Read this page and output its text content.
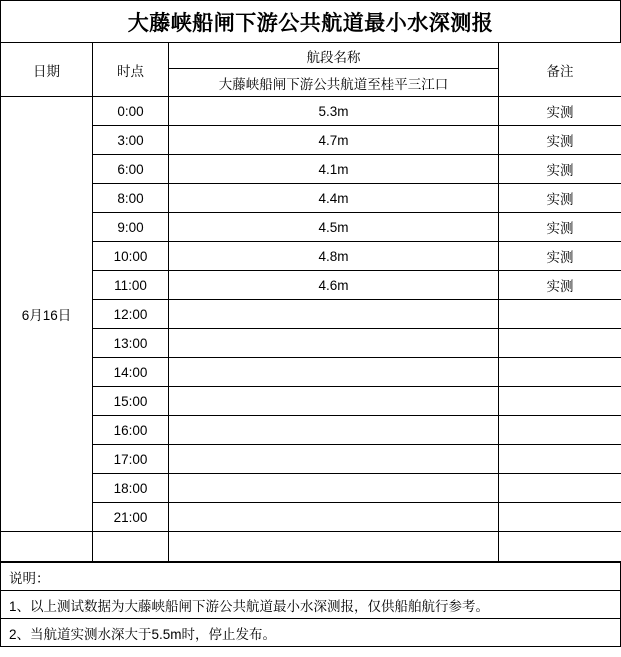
大藤峡船闸下游公共航道最小水深测报
日期	时点	航段名称	备注
		大藤峡船闸下游公共航道至桂平三江口	
6月16日	0:00	5.3m	实测
	3:00	4.7m	实测
	6:00	4.1m	实测
	8:00	4.4m	实测
	9:00	4.5m	实测
	10:00	4.8m	实测
	11:00	4.6m	实测
	12:00		
	13:00		
	14:00		
	15:00		
	16:00		
	17:00		
	18:00		
	21:00		

说明：
1、以上测试数据为大藤峡船闸下游公共航道最小水深测报，仅供船舶航行参考。
2、当航道实测水深大于5.5m时，停止发布。
